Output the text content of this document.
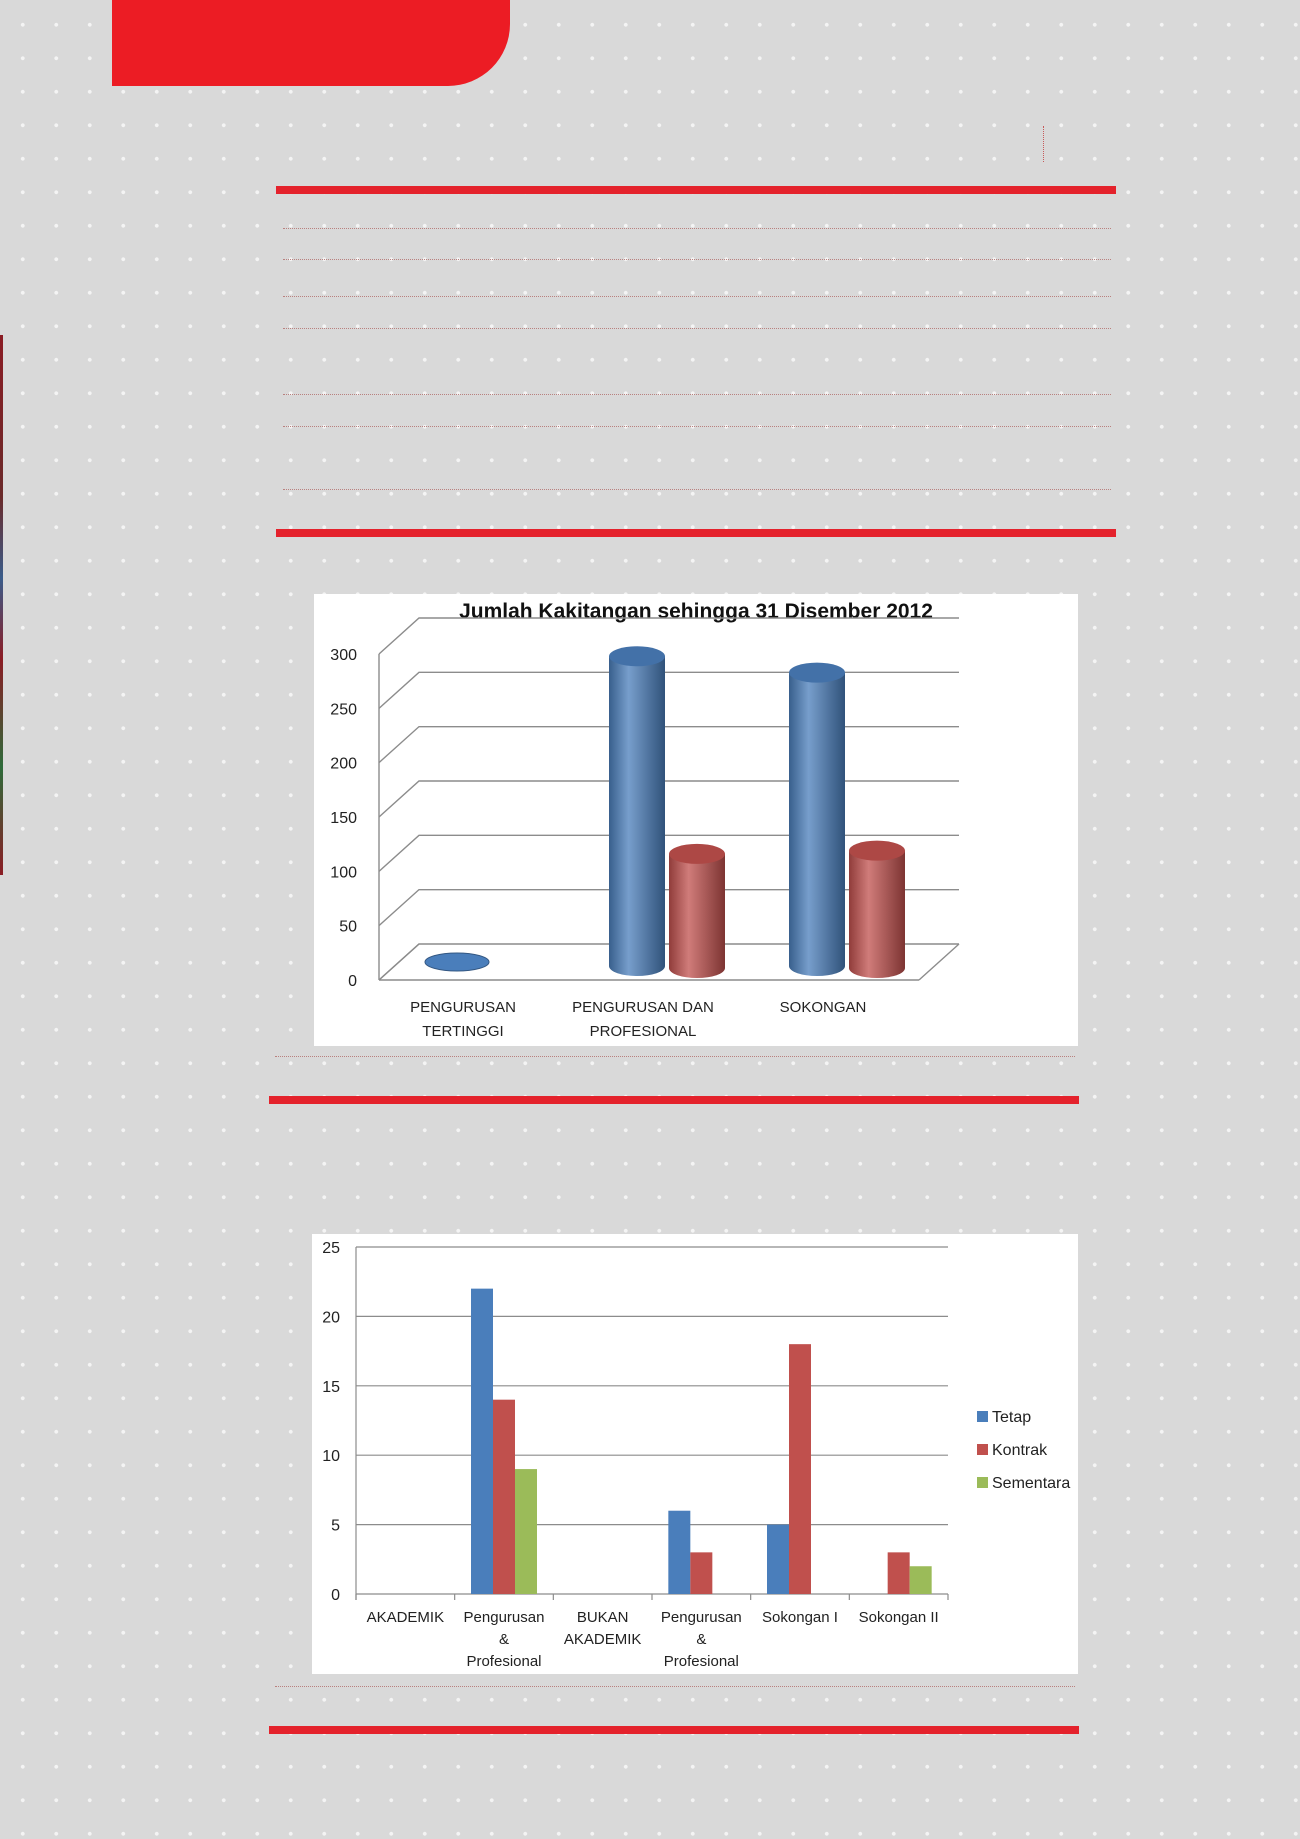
Jumlah Kakitangan sehingga 31 Disember 2012
0
50
100
150
200
250
300
PENGURUSAN
TERTINGGI
PENGURUSAN DAN
PROFESIONAL
SOKONGAN
0
5
10
15
20
25
AKADEMIK Pengurusan
&
Profesional
BUKAN
AKADEMIK
Pengurusan
&
Profesional
Sokongan I Sokongan II
Tetap
Kontrak
Sementara
